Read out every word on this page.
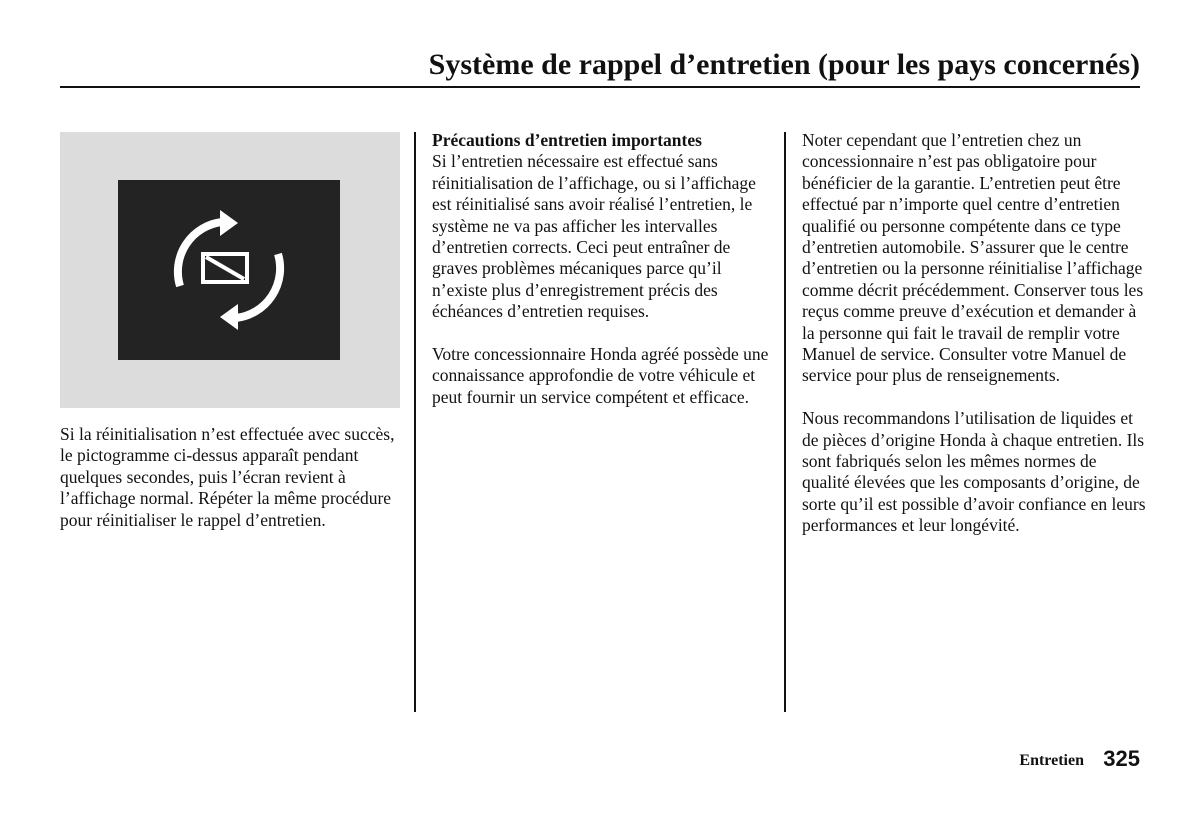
Système de rappel d’entretien (pour les pays concernés)

Si la réinitialisation n’est effectuée avec succès, le pictogramme ci-dessus apparaît pendant quelques secondes, puis l’écran revient à l’affichage normal. Répéter la même procédure pour réinitialiser le rappel d’entretien.

Précautions d’entretien importantes

Si l’entretien nécessaire est effectué sans réinitialisation de l’affichage, ou si l’affichage est réinitialisé sans avoir réalisé l’entretien, le système ne va pas afficher les intervalles d’entretien corrects. Ceci peut entraîner de graves problèmes mécaniques parce qu’il n’existe plus d’enregistrement précis des échéances d’entretien requises.

Votre concessionnaire Honda agréé possède une connaissance approfondie de votre véhicule et peut fournir un service compétent et efficace.

Noter cependant que l’entretien chez un concessionnaire n’est pas obligatoire pour bénéficier de la garantie. L’entretien peut être effectué par n’importe quel centre d’entretien qualifié ou personne compétente dans ce type d’entretien automobile. S’assurer que le centre d’entretien ou la personne réinitialise l’affichage comme décrit précédemment. Conserver tous les reçus comme preuve d’exécution et demander à la personne qui fait le travail de remplir votre Manuel de service. Consulter votre Manuel de service pour plus de renseignements.

Nous recommandons l’utilisation de liquides et de pièces d’origine Honda à chaque entretien. Ils sont fabriqués selon les mêmes normes de qualité élevées que les composants d’origine, de sorte qu’il est possible d’avoir confiance en leurs performances et leur longévité.

Entretien 325
